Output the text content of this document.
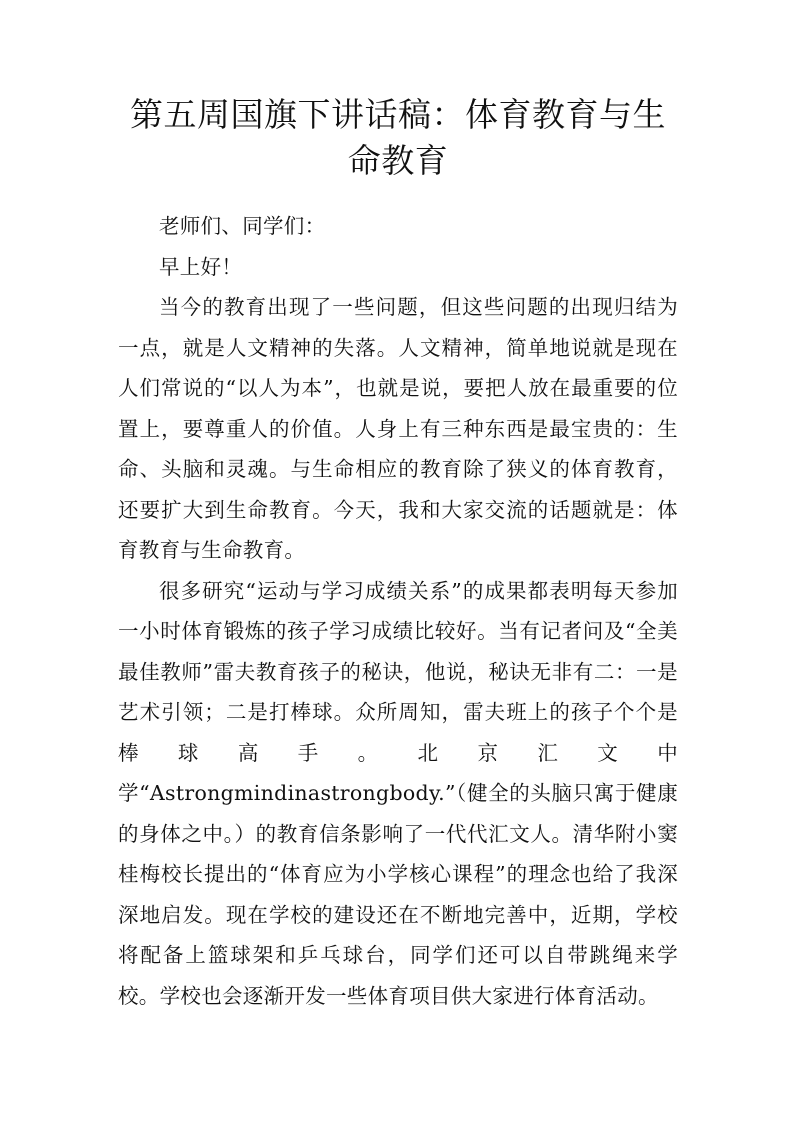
第五周国旗下讲话稿：体育教育与生命教育

老师们、同学们：

早上好！

当今的教育出现了一些问题，但这些问题的出现归结为一点，就是人文精神的失落。人文精神，简单地说就是现在人们常说的“以人为本”，也就是说，要把人放在最重要的位置上，要尊重人的价值。人身上有三种东西是最宝贵的：生命、头脑和灵魂。与生命相应的教育除了狭义的体育教育，还要扩大到生命教育。今天，我和大家交流的话题就是：体育教育与生命教育。

很多研究“运动与学习成绩关系”的成果都表明每天参加一小时体育锻炼的孩子学习成绩比较好。当有记者问及“全美最佳教师”雷夫教育孩子的秘诀，他说，秘诀无非有二：一是艺术引领；二是打棒球。众所周知，雷夫班上的孩子个个是棒球高手。北京汇文中学“Astrongmindinastrongbody.”（健全的头脑只寓于健康的身体之中。）的教育信条影响了一代代汇文人。清华附小窦桂梅校长提出的“体育应为小学核心课程”的理念也给了我深深地启发。现在学校的建设还在不断地完善中，近期，学校将配备上篮球架和乒乓球台，同学们还可以自带跳绳来学校。学校也会逐渐开发一些体育项目供大家进行体育活动。
